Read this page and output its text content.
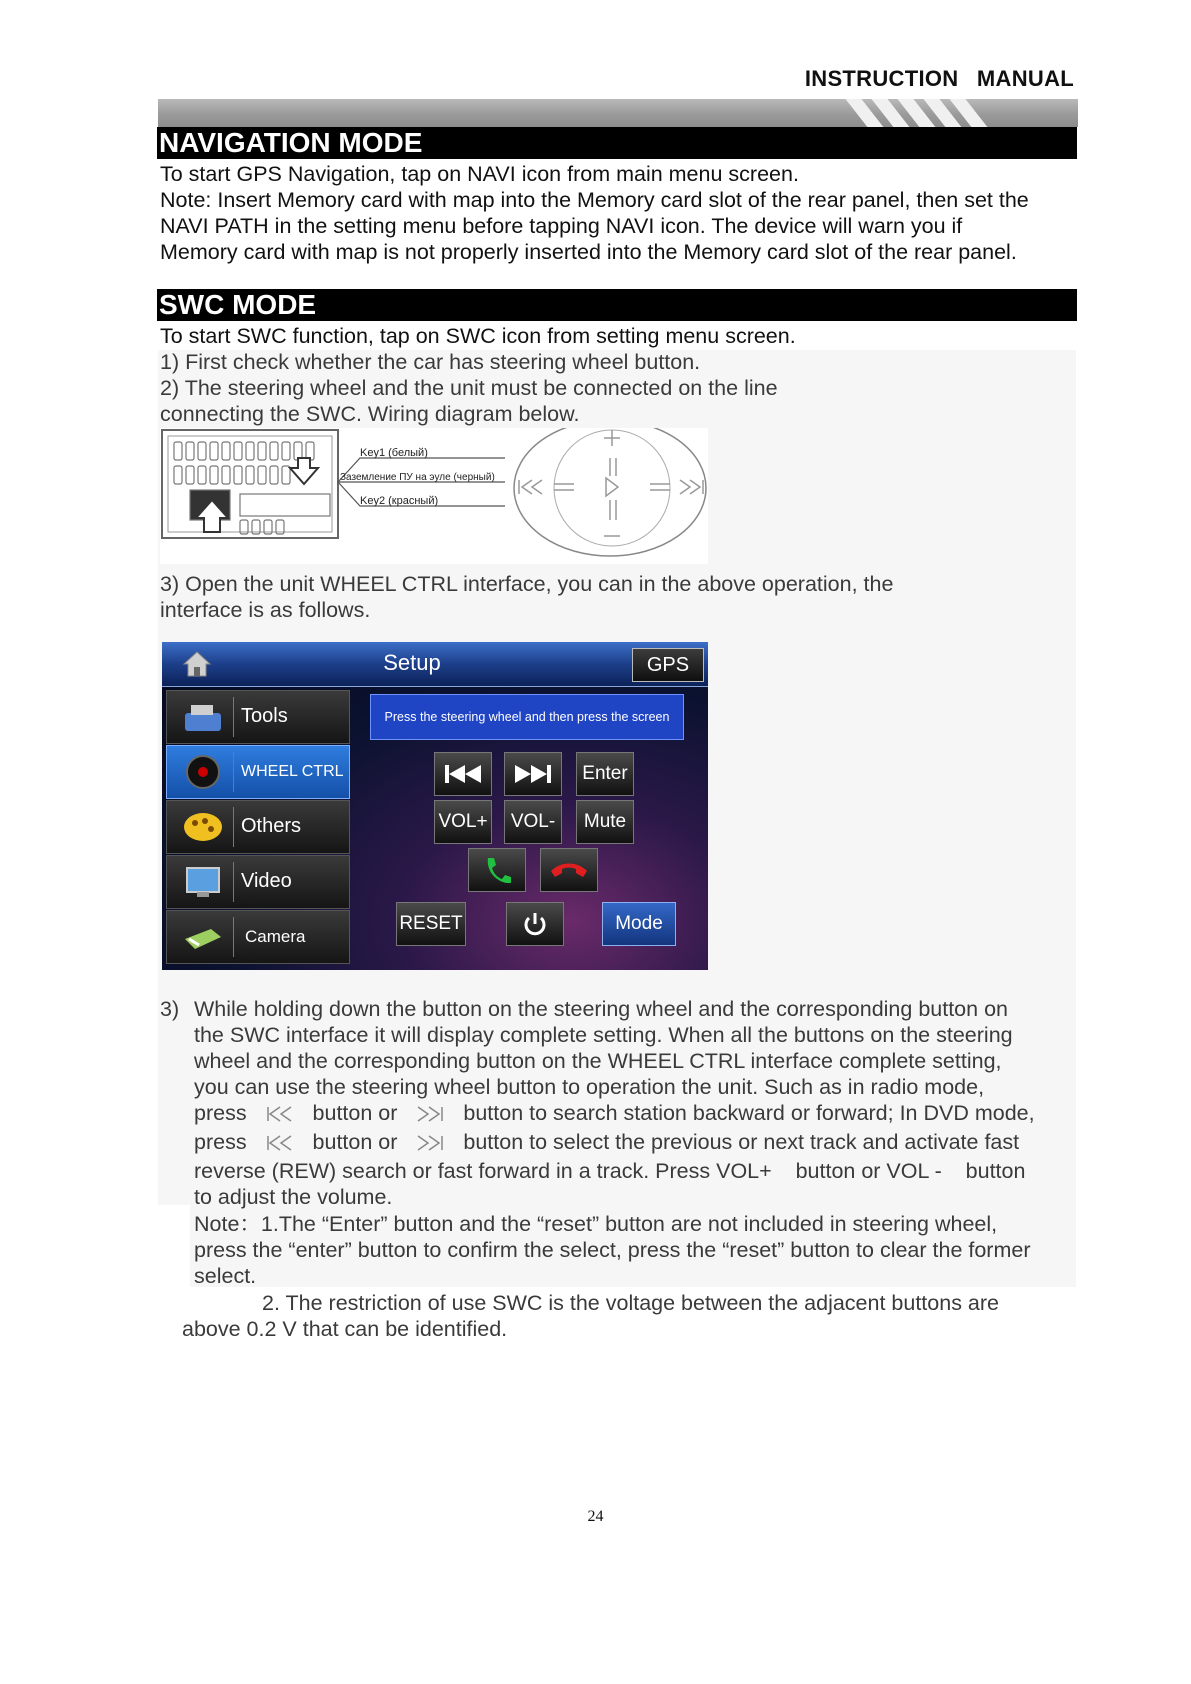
INSTRUCTION MANUAL
NAVIGATION MODE
To start GPS Navigation, tap on NAVI icon from main menu screen.
Note: Insert Memory card with map into the Memory card slot of the rear panel, then set the
NAVI PATH in the setting menu before tapping NAVI icon. The device will warn you if
Memory card with map is not properly inserted into the Memory card slot of the rear panel.
SWC MODE
To start SWC function, tap on SWC icon from setting menu screen.
1) First check whether the car has steering wheel button.
2) The steering wheel and the unit must be connected on the line
connecting the SWC. Wiring diagram below.
Key1 (белый)
Заземление ПУ на эуле (черный)
Key2 (красный)
3) Open the unit WHEEL CTRL interface, you can in the above operation, the
interface is as follows.
Setup	GPS
Tools
WHEEL CTRL
Others
Video
Camera
Press the steering wheel and then press the screen
Enter
VOL+	VOL-	Mute
RESET	Mode
3) While holding down the button on the steering wheel and the corresponding button on
the SWC interface it will display complete setting. When all the buttons on the steering
wheel and the corresponding button on the WHEEL CTRL interface complete setting,
you can use the steering wheel button to operation the unit. Such as in radio mode,
press	button or	button to search station backward or forward; In DVD mode,
press	button or	button to select the previous or next track and activate fast
reverse (REW) search or fast forward in a track. Press VOL+    button or VOL -    button
to adjust the volume.
Note：1.The “Enter” button and the “reset” button are not included in steering wheel,
press the “enter” button to confirm the select, press the “reset” button to clear the former
select.
2. The restriction of use SWC is the voltage between the adjacent buttons are
above 0.2 V that can be identified.
24
